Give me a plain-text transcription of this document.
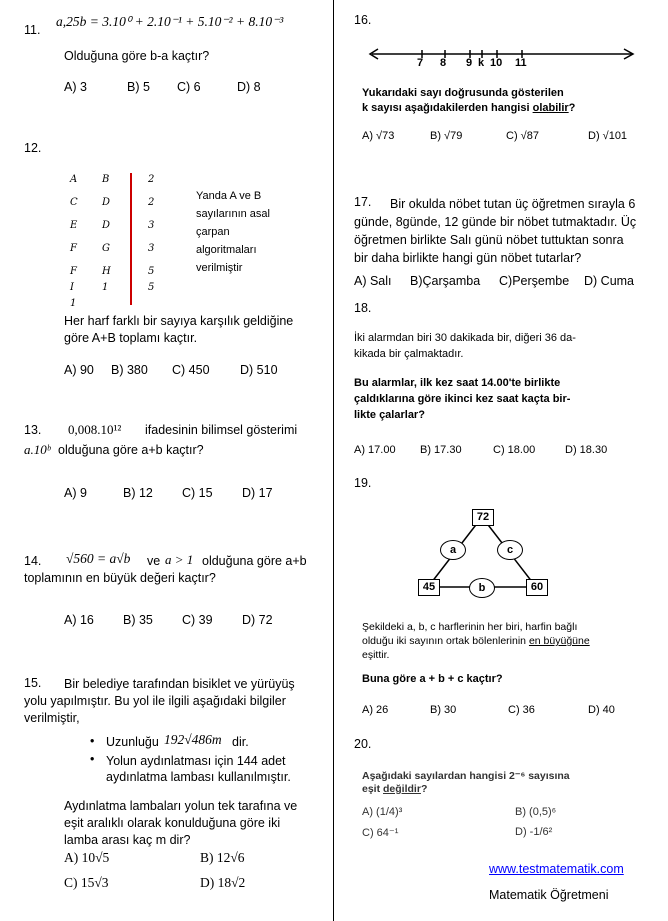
11.
a,25b = 3.10⁰ + 2.10⁻¹ + 5.10⁻² + 8.10⁻³
Olduğuna göre b-a kaçtır?
A) 3	B) 5 C) 6	D) 8
12.
A B	2
C D	2
E D	3
F	G	3
F	H	5
I	1	5
1
Yanda A ve B
sayılarının asal
çarpan
algoritmaları
verilmiştir
Her harf farklı bir sayıya karşılık geldiğine
göre A+B toplamı kaçtır.
A) 90 B) 380 C) 450 D) 510
13. 0,008.10¹² ifadesinin bilimsel gösterimi
a.10ᵇ olduğuna göre a+b kaçtır?
A) 9	B) 12 C) 15 D) 17
14. √560 = a√b ve a > 1 olduğuna göre a+b
toplamının en büyük değeri kaçtır?
A) 16 B) 35 C) 39 D) 72
15.	Bir belediye tarafından bisiklet ve yürüyüş
yolu yapılmıştır. Bu yol ile ilgili aşağıdaki bilgiler
verilmiştir,
• Uzunluğu 192√486m dir.
• Yolun aydınlatması için 144 adet
aydınlatma lambası kullanılmıştır.
Aydınlatma lambaları yolun tek tarafına ve
eşit aralıklı olarak konulduğuna göre iki
lamba arası kaç m dir?
A) 10√5	B) 12√6
C) 15√3	D) 18√2
16.
7 8 9 k 10 11
Yukarıdaki sayı doğrusunda gösterilen
k sayısı aşağıdakilerden hangisi olabilir?
A) √73	B) √79	C) √87	D) √101
17.	Bir okulda nöbet tutan üç öğretmen sırayla 6
günde, 8günde, 12 günde bir nöbet tutmaktadır. Üç
öğretmen birlikte Salı günü nöbet tuttuktan sonra
bir daha birlikte hangi gün nöbet tutarlar?
A) Salı B)Çarşamba C)Perşembe D) Cuma
18.
İki alarmdan biri 30 dakikada bir, diğeri 36 da-
kikada bir çalmaktadır.
Bu alarmlar, ilk kez saat 14.00'te birlikte
çaldıklarına göre ikinci kez saat kaçta bir-
likte çalarlar?
A) 17.00 B) 17.30	C) 18.00	D) 18.30
19.
72
45	60
a	c
b
Şekildeki a, b, c harflerinin her biri, harfin bağlı
olduğu iki sayının ortak bölenlerinin en büyüğüne
eşittir.
Buna göre a + b + c kaçtır?
A) 26	B) 30	C) 36	D) 40
20.
Aşağıdaki sayılardan hangisi 2⁻⁶ sayısına
eşit değildir?
A) (1/4)³	B) (0,5)⁶
C) 64⁻¹	D) -1/6²
www.testmatematik.com
Matematik Öğretmeni
